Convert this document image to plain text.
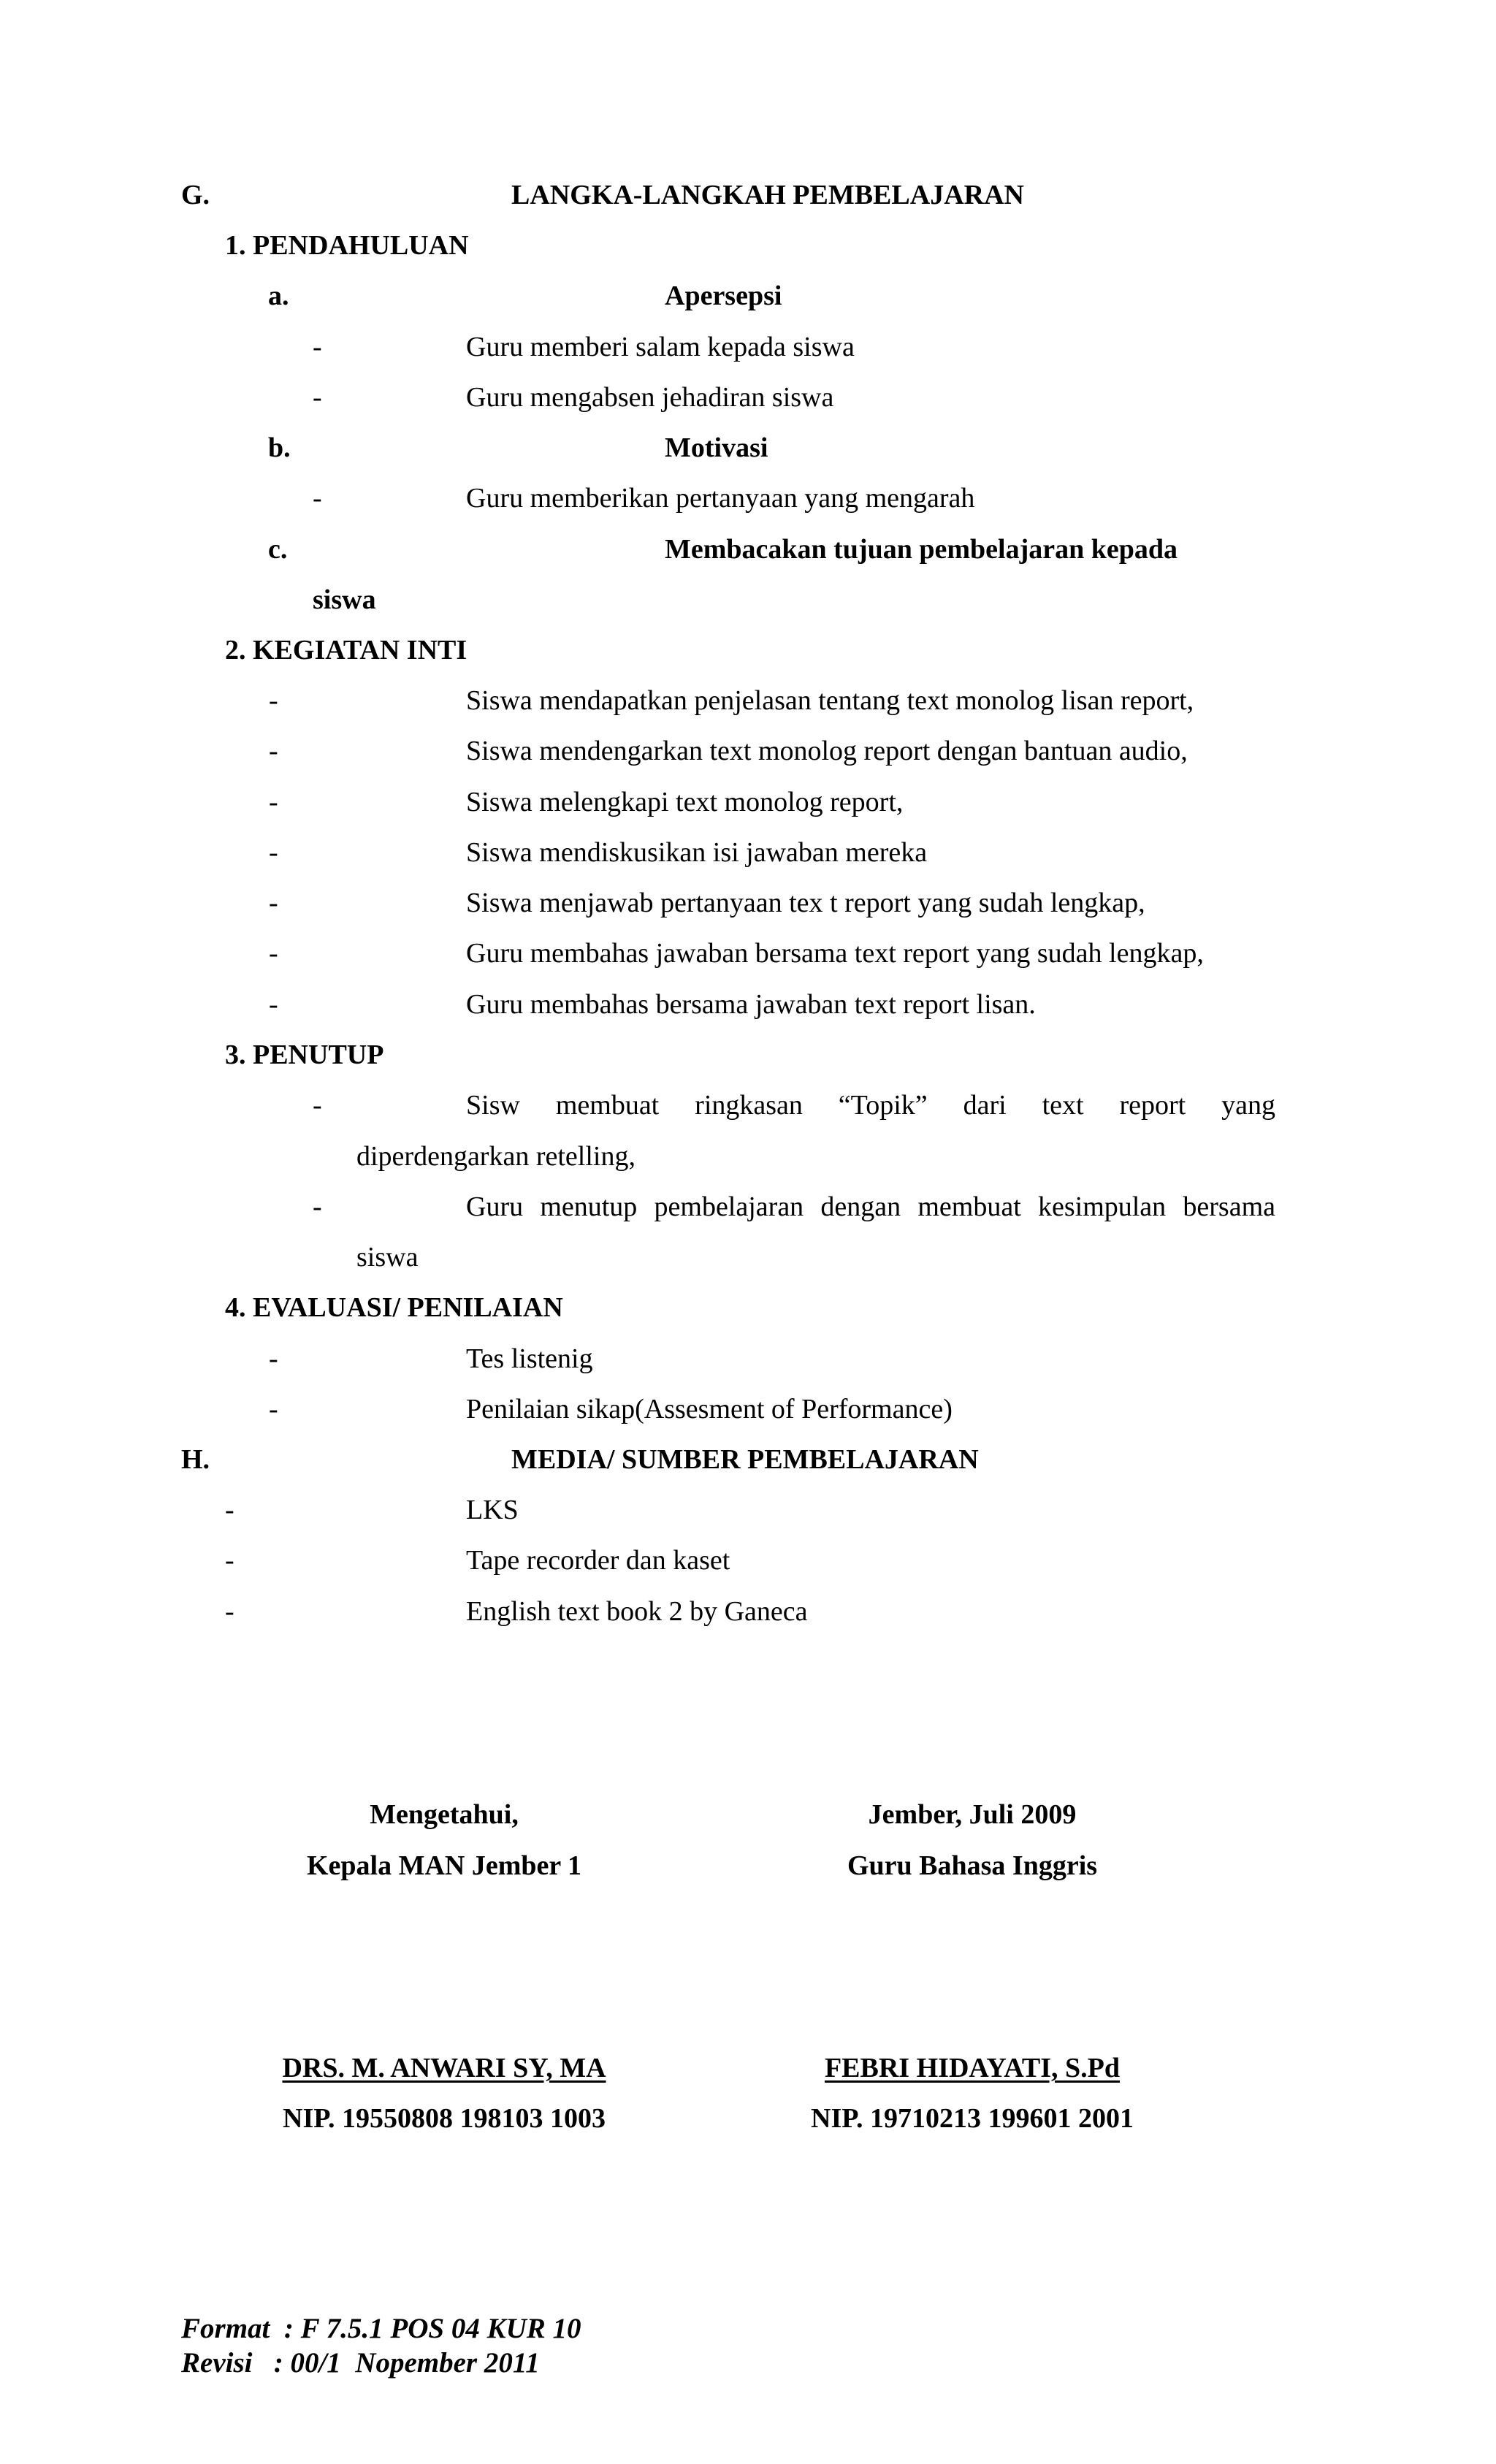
G.	LANGKA-LANGKAH PEMBELAJARAN
1. PENDAHULUAN
a.	Apersepsi
-	Guru memberi salam kepada siswa
-	Guru mengabsen jehadiran siswa
b.	Motivasi
-	Guru memberikan pertanyaan yang mengarah
c.	Membacakan tujuan pembelajaran kepada
siswa
2. KEGIATAN INTI
-	Siswa mendapatkan penjelasan tentang text monolog lisan report,
-	Siswa mendengarkan text monolog report dengan bantuan audio,
-	Siswa melengkapi text monolog report,
-	Siswa mendiskusikan isi jawaban mereka
-	Siswa menjawab pertanyaan tex t report yang sudah lengkap,
-	Guru membahas jawaban bersama text report yang sudah lengkap,
-	Guru membahas bersama jawaban text report lisan.
3. PENUTUP
-	Sisw membuat ringkasan “Topik” dari text report yang
diperdengarkan retelling,
-	Guru menutup pembelajaran dengan membuat kesimpulan bersama
siswa
4. EVALUASI/ PENILAIAN
-	Tes listenig
-	Penilaian sikap(Assesment of Performance)
H.	MEDIA/ SUMBER PEMBELAJARAN
-	LKS
-	Tape recorder dan kaset
-	English text book 2 by Ganeca
Mengetahui,
Kepala MAN Jember 1
DRS. M. ANWARI SY, MA
NIP. 19550808 198103 1003
Jember, Juli 2009
Guru Bahasa Inggris
FEBRI HIDAYATI, S.Pd
NIP. 19710213 199601 2001
Format  : F 7.5.1 POS 04 KUR 10
Revisi   : 00/1  Nopember 2011
